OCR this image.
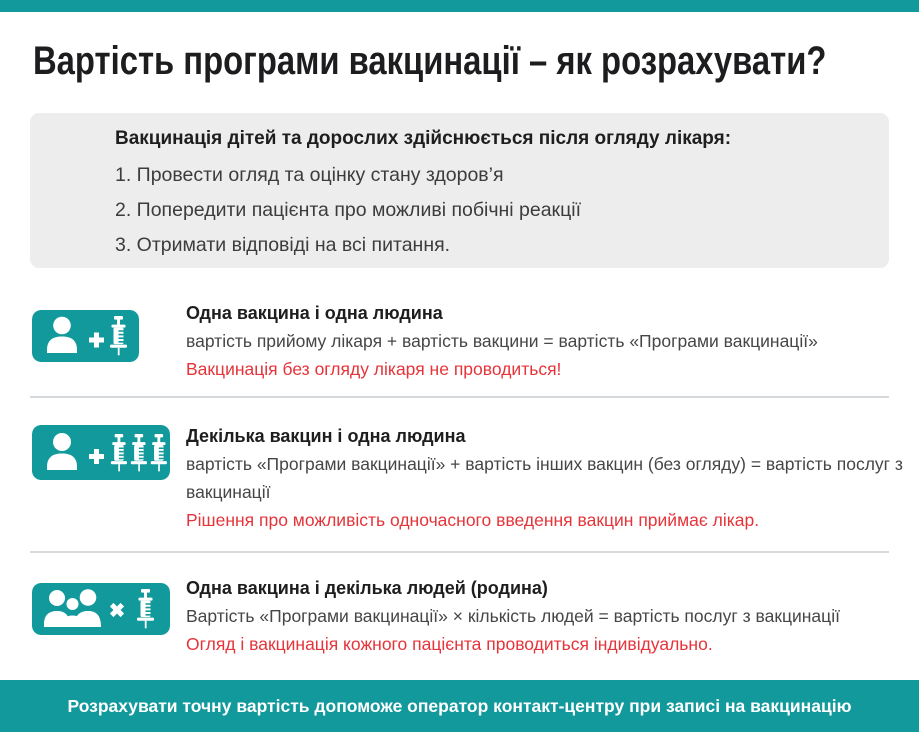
Вартість програми вакцинації – як розрахувати?
Вакцинація дітей та дорослих здійснюється після огляду лікаря:
1. Провести огляд та оцінку стану здоров’я
2. Попередити пацієнта про можливі побічні реакції
3. Отримати відповіді на всі питання.
Одна вакцина і одна людина
вартість прийому лікаря + вартість вакцини = вартість «Програми вакцинації»
Вакцинація без огляду лікаря не проводиться!
Декілька вакцин і одна людина
вартість «Програми вакцинації» + вартість інших вакцин (без огляду) = вартість послуг з вакцинації
Рішення про можливість одночасного введення вакцин приймає лікар.
Одна вакцина і декілька людей (родина)
Вартість «Програми вакцинації» × кількість людей = вартість послуг з вакцинації
Огляд і вакцинація кожного пацієнта проводиться індивідуально.
Розрахувати точну вартість допоможе оператор контакт-центру при записі на вакцинацію
